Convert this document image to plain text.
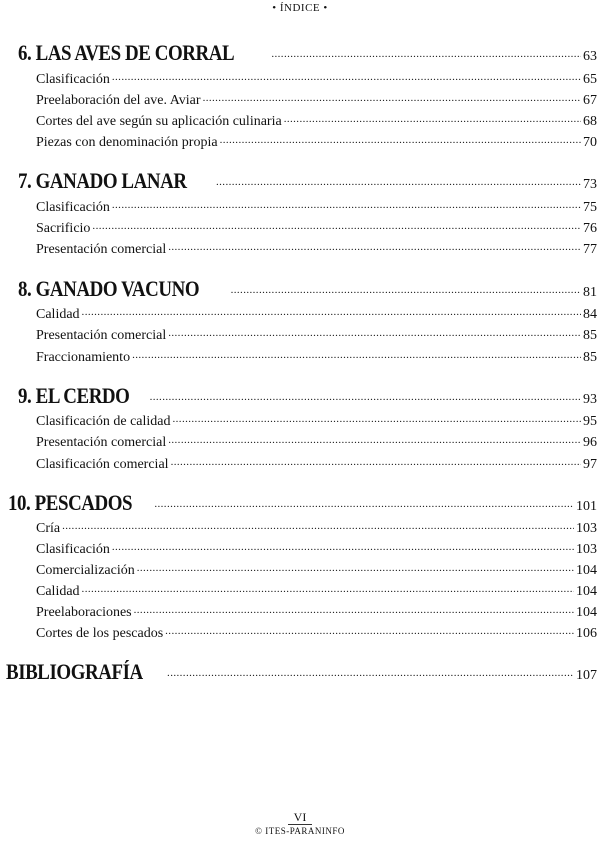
• ÍNDICE •
6. LAS AVES DE CORRAL .....	63
Clasificación .....	65
Preelaboración del ave. Aviar .....	67
Cortes del ave según su aplicación culinaria .....	68
Piezas con denominación propia .....	70
7. GANADO LANAR .....	73
Clasificación .....	75
Sacrificio .....	76
Presentación comercial .....	77
8. GANADO VACUNO .....	81
Calidad .....	84
Presentación comercial .....	85
Fraccionamiento .....	85
9. EL CERDO .....	93
Clasificación de calidad .....	95
Presentación comercial .....	96
Clasificación comercial .....	97
10. PESCADOS .....	101
Cría .....	103
Clasificación .....	103
Comercialización .....	104
Calidad .....	104
Preelaboraciones .....	104
Cortes de los pescados .....	106
BIBLIOGRAFÍA .....	107
VI
© ITES-PARANINFO
